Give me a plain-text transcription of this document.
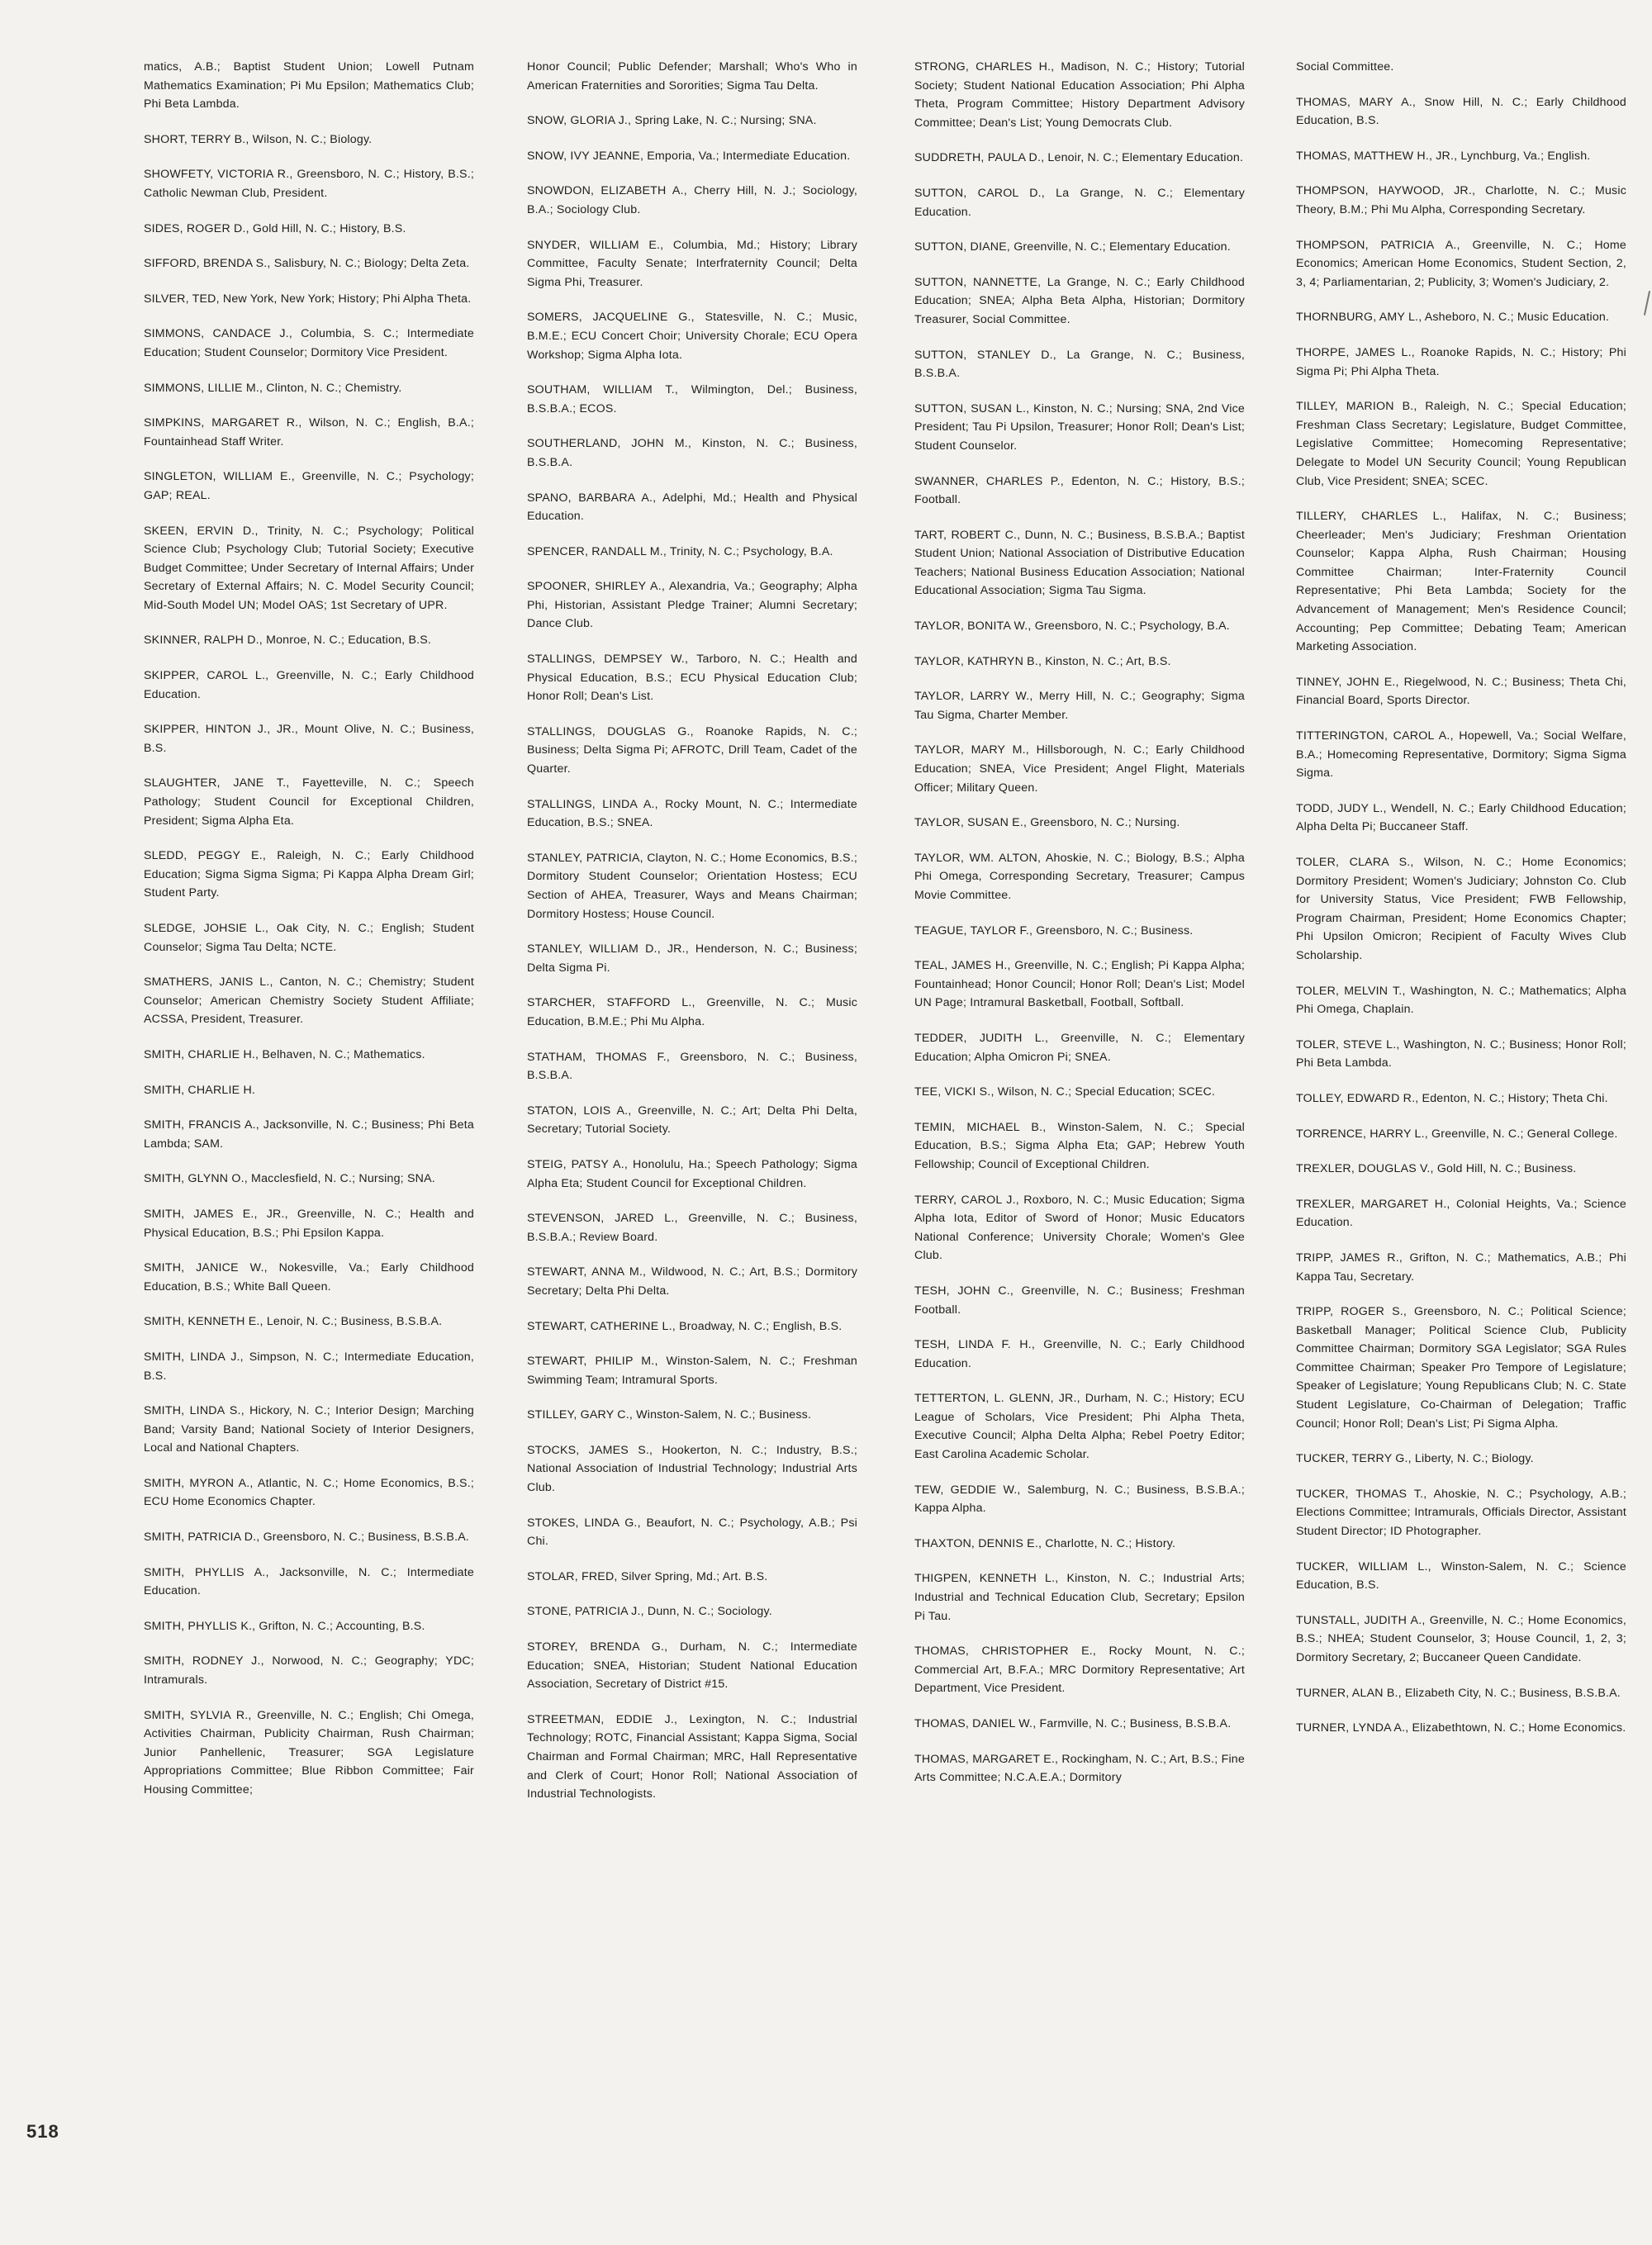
matics, A.B.; Baptist Student Union; Lowell Putnam Mathematics Examination; Pi Mu Epsilon; Mathematics Club; Phi Beta Lambda.

SHORT, TERRY B., Wilson, N. C.; Biology.

SHOWFETY, VICTORIA R., Greensboro, N. C.; History, B.S.; Catholic Newman Club, President.

SIDES, ROGER D., Gold Hill, N. C.; History, B.S.

SIFFORD, BRENDA S., Salisbury, N. C.; Biology; Delta Zeta.

SILVER, TED, New York, New York; History; Phi Alpha Theta.

SIMMONS, CANDACE J., Columbia, S. C.; Intermediate Education; Student Counselor; Dormitory Vice President.

SIMMONS, LILLIE M., Clinton, N. C.; Chemistry.

SIMPKINS, MARGARET R., Wilson, N. C.; English, B.A.; Fountainhead Staff Writer.

SINGLETON, WILLIAM E., Greenville, N. C.; Psychology; GAP; REAL.

SKEEN, ERVIN D., Trinity, N. C.; Psychology; Political Science Club; Psychology Club; Tutorial Society; Executive Budget Committee; Under Secretary of Internal Affairs; Under Secretary of External Affairs; N. C. Model Security Council; Mid-South Model UN; Model OAS; 1st Secretary of UPR.

SKINNER, RALPH D., Monroe, N. C.; Education, B.S.

SKIPPER, CAROL L., Greenville, N. C.; Early Childhood Education.

SKIPPER, HINTON J., JR., Mount Olive, N. C.; Business, B.S.

SLAUGHTER, JANE T., Fayetteville, N. C.; Speech Pathology; Student Council for Exceptional Children, President; Sigma Alpha Eta.

SLEDD, PEGGY E., Raleigh, N. C.; Early Childhood Education; Sigma Sigma Sigma; Pi Kappa Alpha Dream Girl; Student Party.

SLEDGE, JOHSIE L., Oak City, N. C.; English; Student Counselor; Sigma Tau Delta; NCTE.

SMATHERS, JANIS L., Canton, N. C.; Chemistry; Student Counselor; American Chemistry Society Student Affiliate; ACSSA, President, Treasurer.

SMITH, CHARLIE H., Belhaven, N. C.; Mathematics.

SMITH, CHARLIE H.

SMITH, FRANCIS A., Jacksonville, N. C.; Business; Phi Beta Lambda; SAM.

SMITH, GLYNN O., Macclesfield, N. C.; Nursing; SNA.

SMITH, JAMES E., JR., Greenville, N. C.; Health and Physical Education, B.S.; Phi Epsilon Kappa.

SMITH, JANICE W., Nokesville, Va.; Early Childhood Education, B.S.; White Ball Queen.

SMITH, KENNETH E., Lenoir, N. C.; Business, B.S.B.A.

SMITH, LINDA J., Simpson, N. C.; Intermediate Education, B.S.

SMITH, LINDA S., Hickory, N. C.; Interior Design; Marching Band; Varsity Band; National Society of Interior Designers, Local and National Chapters.

SMITH, MYRON A., Atlantic, N. C.; Home Economics, B.S.; ECU Home Economics Chapter.

SMITH, PATRICIA D., Greensboro, N. C.; Business, B.S.B.A.

SMITH, PHYLLIS A., Jacksonville, N. C.; Intermediate Education.

SMITH, PHYLLIS K., Grifton, N. C.; Accounting, B.S.

SMITH, RODNEY J., Norwood, N. C.; Geography; YDC; Intramurals.

SMITH, SYLVIA R., Greenville, N. C.; English; Chi Omega, Activities Chairman, Publicity Chairman, Rush Chairman; Junior Panhellenic, Treasurer; SGA Legislature Appropriations Committee; Blue Ribbon Committee; Fair Housing Committee;

Honor Council; Public Defender; Marshall; Who's Who in American Fraternities and Sororities; Sigma Tau Delta.

SNOW, GLORIA J., Spring Lake, N. C.; Nursing; SNA.

SNOW, IVY JEANNE, Emporia, Va.; Intermediate Education.

SNOWDON, ELIZABETH A., Cherry Hill, N. J.; Sociology, B.A.; Sociology Club.

SNYDER, WILLIAM E., Columbia, Md.; History; Library Committee, Faculty Senate; Interfraternity Council; Delta Sigma Phi, Treasurer.

SOMERS, JACQUELINE G., Statesville, N. C.; Music, B.M.E.; ECU Concert Choir; University Chorale; ECU Opera Workshop; Sigma Alpha Iota.

SOUTHAM, WILLIAM T., Wilmington, Del.; Business, B.S.B.A.; ECOS.

SOUTHERLAND, JOHN M., Kinston, N. C.; Business, B.S.B.A.

SPANO, BARBARA A., Adelphi, Md.; Health and Physical Education.

SPENCER, RANDALL M., Trinity, N. C.; Psychology, B.A.

SPOONER, SHIRLEY A., Alexandria, Va.; Geography; Alpha Phi, Historian, Assistant Pledge Trainer; Alumni Secretary; Dance Club.

STALLINGS, DEMPSEY W., Tarboro, N. C.; Health and Physical Education, B.S.; ECU Physical Education Club; Honor Roll; Dean's List.

STALLINGS, DOUGLAS G., Roanoke Rapids, N. C.; Business; Delta Sigma Pi; AFROTC, Drill Team, Cadet of the Quarter.

STALLINGS, LINDA A., Rocky Mount, N. C.; Intermediate Education, B.S.; SNEA.

STANLEY, PATRICIA, Clayton, N. C.; Home Economics, B.S.; Dormitory Student Counselor; Orientation Hostess; ECU Section of AHEA, Treasurer, Ways and Means Chairman; Dormitory Hostess; House Council.

STANLEY, WILLIAM D., JR., Henderson, N. C.; Business; Delta Sigma Pi.

STARCHER, STAFFORD L., Greenville, N. C.; Music Education, B.M.E.; Phi Mu Alpha.

STATHAM, THOMAS F., Greensboro, N. C.; Business, B.S.B.A.

STATON, LOIS A., Greenville, N. C.; Art; Delta Phi Delta, Secretary; Tutorial Society.

STEIG, PATSY A., Honolulu, Ha.; Speech Pathology; Sigma Alpha Eta; Student Council for Exceptional Children.

STEVENSON, JARED L., Greenville, N. C.; Business, B.S.B.A.; Review Board.

STEWART, ANNA M., Wildwood, N. C.; Art, B.S.; Dormitory Secretary; Delta Phi Delta.

STEWART, CATHERINE L., Broadway, N. C.; English, B.S.

STEWART, PHILIP M., Winston-Salem, N. C.; Freshman Swimming Team; Intramural Sports.

STILLEY, GARY C., Winston-Salem, N. C.; Business.

STOCKS, JAMES S., Hookerton, N. C.; Industry, B.S.; National Association of Industrial Technology; Industrial Arts Club.

STOKES, LINDA G., Beaufort, N. C.; Psychology, A.B.; Psi Chi.

STOLAR, FRED, Silver Spring, Md.; Art. B.S.

STONE, PATRICIA J., Dunn, N. C.; Sociology.

STOREY, BRENDA G., Durham, N. C.; Intermediate Education; SNEA, Historian; Student National Education Association, Secretary of District #15.

STREETMAN, EDDIE J., Lexington, N. C.; Industrial Technology; ROTC, Financial Assistant; Kappa Sigma, Social Chairman and Formal Chairman; MRC, Hall Representative and Clerk of Court; Honor Roll; National Association of Industrial Technologists.

STRONG, CHARLES H., Madison, N. C.; History; Tutorial Society; Student National Education Association; Phi Alpha Theta, Program Committee; History Department Advisory Committee; Dean's List; Young Democrats Club.

SUDDRETH, PAULA D., Lenoir, N. C.; Elementary Education.

SUTTON, CAROL D., La Grange, N. C.; Elementary Education.

SUTTON, DIANE, Greenville, N. C.; Elementary Education.

SUTTON, NANNETTE, La Grange, N. C.; Early Childhood Education; SNEA; Alpha Beta Alpha, Historian; Dormitory Treasurer, Social Committee.

SUTTON, STANLEY D., La Grange, N. C.; Business, B.S.B.A.

SUTTON, SUSAN L., Kinston, N. C.; Nursing; SNA, 2nd Vice President; Tau Pi Upsilon, Treasurer; Honor Roll; Dean's List; Student Counselor.

SWANNER, CHARLES P., Edenton, N. C.; History, B.S.; Football.

TART, ROBERT C., Dunn, N. C.; Business, B.S.B.A.; Baptist Student Union; National Association of Distributive Education Teachers; National Business Education Association; National Educational Association; Sigma Tau Sigma.

TAYLOR, BONITA W., Greensboro, N. C.; Psychology, B.A.

TAYLOR, KATHRYN B., Kinston, N. C.; Art, B.S.

TAYLOR, LARRY W., Merry Hill, N. C.; Geography; Sigma Tau Sigma, Charter Member.

TAYLOR, MARY M., Hillsborough, N. C.; Early Childhood Education; SNEA, Vice President; Angel Flight, Materials Officer; Military Queen.

TAYLOR, SUSAN E., Greensboro, N. C.; Nursing.

TAYLOR, WM. ALTON, Ahoskie, N. C.; Biology, B.S.; Alpha Phi Omega, Corresponding Secretary, Treasurer; Campus Movie Committee.

TEAGUE, TAYLOR F., Greensboro, N. C.; Business.

TEAL, JAMES H., Greenville, N. C.; English; Pi Kappa Alpha; Fountainhead; Honor Council; Honor Roll; Dean's List; Model UN Page; Intramural Basketball, Football, Softball.

TEDDER, JUDITH L., Greenville, N. C.; Elementary Education; Alpha Omicron Pi; SNEA.

TEE, VICKI S., Wilson, N. C.; Special Education; SCEC.

TEMIN, MICHAEL B., Winston-Salem, N. C.; Special Education, B.S.; Sigma Alpha Eta; GAP; Hebrew Youth Fellowship; Council of Exceptional Children.

TERRY, CAROL J., Roxboro, N. C.; Music Education; Sigma Alpha Iota, Editor of Sword of Honor; Music Educators National Conference; University Chorale; Women's Glee Club.

TESH, JOHN C., Greenville, N. C.; Business; Freshman Football.

TESH, LINDA F. H., Greenville, N. C.; Early Childhood Education.

TETTERTON, L. GLENN, JR., Durham, N. C.; History; ECU League of Scholars, Vice President; Phi Alpha Theta, Executive Council; Alpha Delta Alpha; Rebel Poetry Editor; East Carolina Academic Scholar.

TEW, GEDDIE W., Salemburg, N. C.; Business, B.S.B.A.; Kappa Alpha.

THAXTON, DENNIS E., Charlotte, N. C.; History.

THIGPEN, KENNETH L., Kinston, N. C.; Industrial Arts; Industrial and Technical Education Club, Secretary; Epsilon Pi Tau.

THOMAS, CHRISTOPHER E., Rocky Mount, N. C.; Commercial Art, B.F.A.; MRC Dormitory Representative; Art Department, Vice President.

THOMAS, DANIEL W., Farmville, N. C.; Business, B.S.B.A.

THOMAS, MARGARET E., Rockingham, N. C.; Art, B.S.; Fine Arts Committee; N.C.A.E.A.; Dormitory

Social Committee.

THOMAS, MARY A., Snow Hill, N. C.; Early Childhood Education, B.S.

THOMAS, MATTHEW H., JR., Lynchburg, Va.; English.

THOMPSON, HAYWOOD, JR., Charlotte, N. C.; Music Theory, B.M.; Phi Mu Alpha, Corresponding Secretary.

THOMPSON, PATRICIA A., Greenville, N. C.; Home Economics; American Home Economics, Student Section, 2, 3, 4; Parliamentarian, 2; Publicity, 3; Women's Judiciary, 2.

THORNBURG, AMY L., Asheboro, N. C.; Music Education.

THORPE, JAMES L., Roanoke Rapids, N. C.; History; Phi Sigma Pi; Phi Alpha Theta.

TILLEY, MARION B., Raleigh, N. C.; Special Education; Freshman Class Secretary; Legislature, Budget Committee, Legislative Committee; Homecoming Representative; Delegate to Model UN Security Council; Young Republican Club, Vice President; SNEA; SCEC.

TILLERY, CHARLES L., Halifax, N. C.; Business; Cheerleader; Men's Judiciary; Freshman Orientation Counselor; Kappa Alpha, Rush Chairman; Housing Committee Chairman; Inter-Fraternity Council Representative; Phi Beta Lambda; Society for the Advancement of Management; Men's Residence Council; Accounting; Pep Committee; Debating Team; American Marketing Association.

TINNEY, JOHN E., Riegelwood, N. C.; Business; Theta Chi, Financial Board, Sports Director.

TITTERINGTON, CAROL A., Hopewell, Va.; Social Welfare, B.A.; Homecoming Representative, Dormitory; Sigma Sigma Sigma.

TODD, JUDY L., Wendell, N. C.; Early Childhood Education; Alpha Delta Pi; Buccaneer Staff.

TOLER, CLARA S., Wilson, N. C.; Home Economics; Dormitory President; Women's Judiciary; Johnston Co. Club for University Status, Vice President; FWB Fellowship, Program Chairman, President; Home Economics Chapter; Phi Upsilon Omicron; Recipient of Faculty Wives Club Scholarship.

TOLER, MELVIN T., Washington, N. C.; Mathematics; Alpha Phi Omega, Chaplain.

TOLER, STEVE L., Washington, N. C.; Business; Honor Roll; Phi Beta Lambda.

TOLLEY, EDWARD R., Edenton, N. C.; History; Theta Chi.

TORRENCE, HARRY L., Greenville, N. C.; General College.

TREXLER, DOUGLAS V., Gold Hill, N. C.; Business.

TREXLER, MARGARET H., Colonial Heights, Va.; Science Education.

TRIPP, JAMES R., Grifton, N. C.; Mathematics, A.B.; Phi Kappa Tau, Secretary.

TRIPP, ROGER S., Greensboro, N. C.; Political Science; Basketball Manager; Political Science Club, Publicity Committee Chairman; Dormitory SGA Legislator; SGA Rules Committee Chairman; Speaker Pro Tempore of Legislature; Speaker of Legislature; Young Republicans Club; N. C. State Student Legislature, Co-Chairman of Delegation; Traffic Council; Honor Roll; Dean's List; Pi Sigma Alpha.

TUCKER, TERRY G., Liberty, N. C.; Biology.

TUCKER, THOMAS T., Ahoskie, N. C.; Psychology, A.B.; Elections Committee; Intramurals, Officials Director, Assistant Student Director; ID Photographer.

TUCKER, WILLIAM L., Winston-Salem, N. C.; Science Education, B.S.

TUNSTALL, JUDITH A., Greenville, N. C.; Home Economics, B.S.; NHEA; Student Counselor, 3; House Council, 1, 2, 3; Dormitory Secretary, 2; Buccaneer Queen Candidate.

TURNER, ALAN B., Elizabeth City, N. C.; Business, B.S.B.A.

TURNER, LYNDA A., Elizabethtown, N. C.; Home Economics.

518
